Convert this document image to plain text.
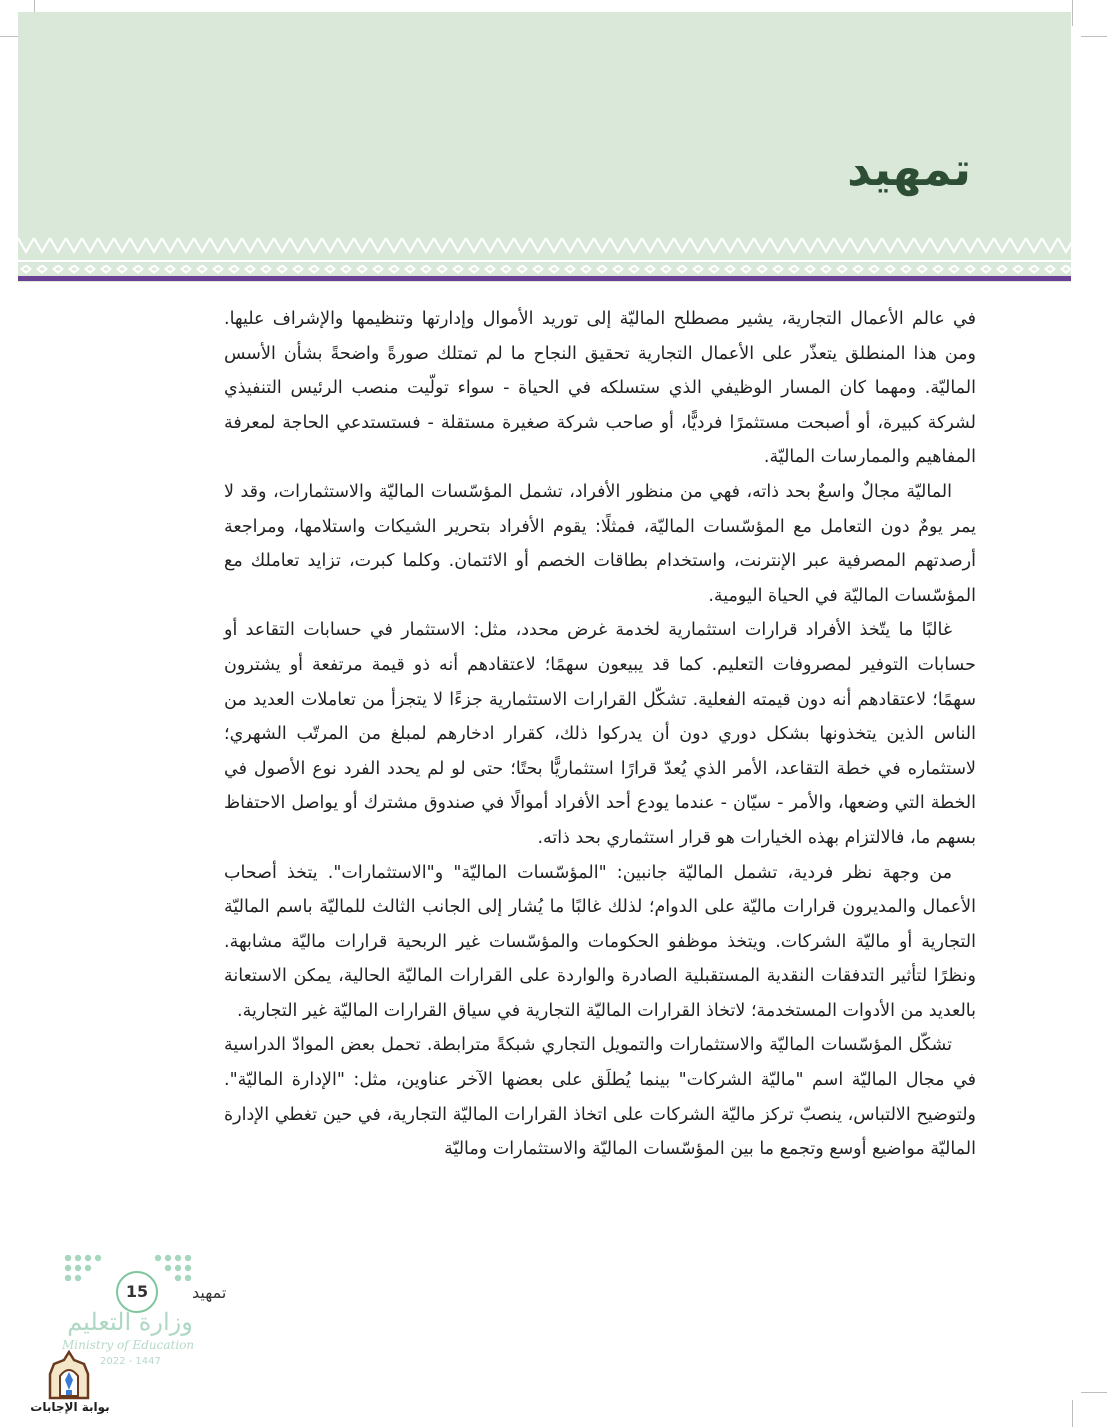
تمهيد

في عالم الأعمال التجارية، يشير مصطلح الماليّة إلى توريد الأموال وإدارتها وتنظيمها والإشراف عليها. ومن هذا المنطلق يتعذّر على الأعمال التجارية تحقيق النجاح ما لم تمتلك صورةً واضحةً بشأن الأسس الماليّة. ومهما كان المسار الوظيفي الذي ستسلكه في الحياة - سواء تولّيت منصب الرئيس التنفيذي لشركة كبيرة، أو أصبحت مستثمرًا فرديًّا، أو صاحب شركة صغيرة مستقلة - فستستدعي الحاجة لمعرفة المفاهيم والممارسات الماليّة.

الماليّة مجالٌ واسعٌ بحد ذاته، فهي من منظور الأفراد، تشمل المؤسّسات الماليّة والاستثمارات، وقد لا يمر يومٌ دون التعامل مع المؤسّسات الماليّة، فمثلًا: يقوم الأفراد بتحرير الشيكات واستلامها، ومراجعة أرصدتهم المصرفية عبر الإنترنت، واستخدام بطاقات الخصم أو الائتمان. وكلما كبرت، تزايد تعاملك مع المؤسّسات الماليّة في الحياة اليومية.

غالبًا ما يتّخذ الأفراد قرارات استثمارية لخدمة غرض محدد، مثل: الاستثمار في حسابات التقاعد أو حسابات التوفير لمصروفات التعليم. كما قد يبيعون سهمًا؛ لاعتقادهم أنه ذو قيمة مرتفعة أو يشترون سهمًا؛ لاعتقادهم أنه دون قيمته الفعلية. تشكّل القرارات الاستثمارية جزءًا لا يتجزأ من تعاملات العديد من الناس الذين يتخذونها بشكل دوري دون أن يدركوا ذلك، كقرار ادخارهم لمبلغ من المرتّب الشهري؛ لاستثماره في خطة التقاعد، الأمر الذي يُعدّ قرارًا استثماريًّا بحتًا؛ حتى لو لم يحدد الفرد نوع الأصول في الخطة التي وضعها، والأمر - سيّان - عندما يودع أحد الأفراد أموالًا في صندوق مشترك أو يواصل الاحتفاظ بسهم ما، فالالتزام بهذه الخيارات هو قرار استثماري بحد ذاته.

من وجهة نظر فردية، تشمل الماليّة جانبين: "المؤسّسات الماليّة" و"الاستثمارات". يتخذ أصحاب الأعمال والمديرون قرارات ماليّة على الدوام؛ لذلك غالبًا ما يُشار إلى الجانب الثالث للماليّة باسم الماليّة التجارية أو ماليّة الشركات. ويتخذ موظفو الحكومات والمؤسّسات غير الربحية قرارات ماليّة مشابهة. ونظرًا لتأثير التدفقات النقدية المستقبلية الصادرة والواردة على القرارات الماليّة الحالية، يمكن الاستعانة بالعديد من الأدوات المستخدمة؛ لاتخاذ القرارات الماليّة التجارية في سياق القرارات الماليّة غير التجارية.

تشكّل المؤسّسات الماليّة والاستثمارات والتمويل التجاري شبكةً مترابطة. تحمل بعض الموادّ الدراسية في مجال الماليّة اسم "ماليّة الشركات" بينما يُطلَق على بعضها الآخر عناوين، مثل: "الإدارة الماليّة". ولتوضيح الالتباس، ينصبّ تركز ماليّة الشركات على اتخاذ القرارات الماليّة التجارية، في حين تغطي الإدارة الماليّة مواضيع أوسع وتجمع ما بين المؤسّسات الماليّة والاستثمارات وماليّة

15	تمهيد
وزارة التعليم
Ministry of Education
2022 - 1447
بوابة الإجابات
